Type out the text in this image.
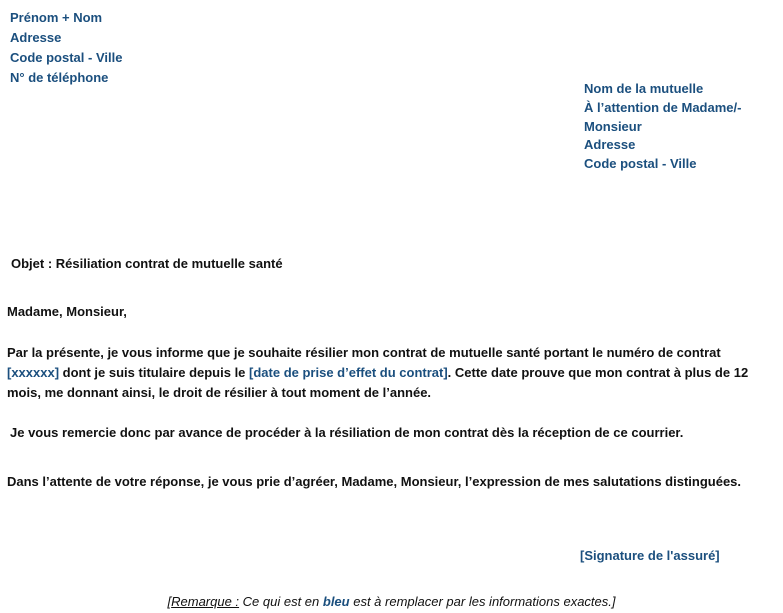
Prénom + Nom
Adresse
Code postal - Ville
N° de téléphone
Nom de la mutuelle
À l’attention de Madame/-
Monsieur
Adresse
Code postal - Ville
Objet : Résiliation contrat de mutuelle santé
Madame, Monsieur,
Par la présente, je vous informe que je souhaite résilier mon contrat de mutuelle santé portant le numéro de contrat
[xxxxxx] dont je suis titulaire depuis le [date de prise d’effet du contrat]. Cette date prouve que mon contrat à plus de 12
mois, me donnant ainsi, le droit de résilier à tout moment de l’année.
Je vous remercie donc par avance de procéder à la résiliation de mon contrat dès la réception de ce courrier.
Dans l’attente de votre réponse, je vous prie d’agréer, Madame, Monsieur, l’expression de mes salutations distinguées.
[Signature de l'assuré]
[Remarque : Ce qui est en bleu est à remplacer par les informations exactes.]
